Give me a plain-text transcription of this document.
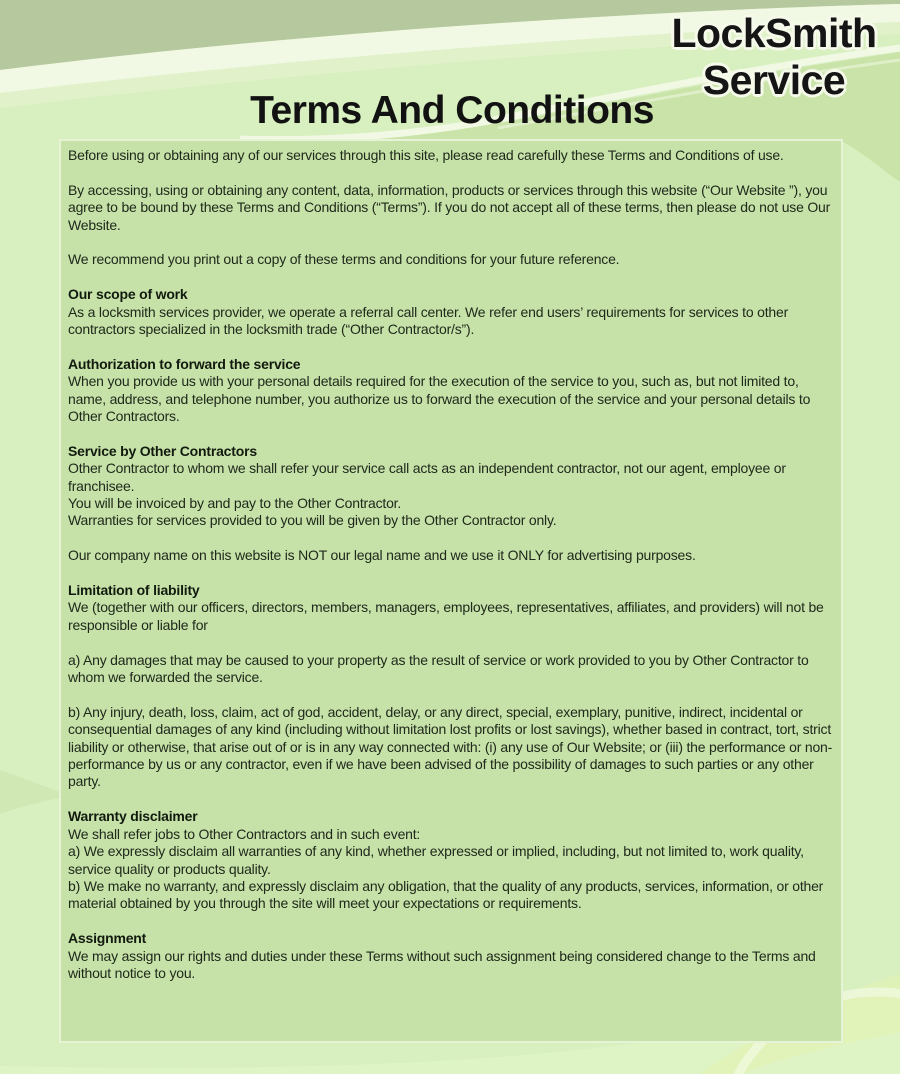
LockSmith
Service
Terms And Conditions

Before using or obtaining any of our services through this site, please read carefully these Terms and Conditions of use.

By accessing, using or obtaining any content, data, information, products or services through this website (“Our Website ”), you agree to be bound by these Terms and Conditions (“Terms”). If you do not accept all of these terms, then please do not use Our Website.

We recommend you print out a copy of these terms and conditions for your future reference.

Our scope of work

As a locksmith services provider, we operate a referral call center. We refer end users’ requirements for services to other contractors specialized in the locksmith trade (“Other Contractor/s”).

Authorization to forward the service

When you provide us with your personal details required for the execution of the service to you, such as, but not limited to, name, address, and telephone number, you authorize us to forward the execution of the service and your personal details to Other Contractors.

Service by Other Contractors

Other Contractor to whom we shall refer your service call acts as an independent contractor, not our agent, employee or franchisee.

You will be invoiced by and pay to the Other Contractor.

Warranties for services provided to you will be given by the Other Contractor only.

Our company name on this website is NOT our legal name and we use it ONLY for advertising purposes.

Limitation of liability

We (together with our officers, directors, members, managers, employees, representatives, affiliates, and providers) will not be responsible or liable for

a) Any damages that may be caused to your property as the result of service or work provided to you by Other Contractor to whom we forwarded the service.

b) Any injury, death, loss, claim, act of god, accident, delay, or any direct, special, exemplary, punitive, indirect, incidental or consequential damages of any kind (including without limitation lost profits or lost savings), whether based in contract, tort, strict liability or otherwise, that arise out of or is in any way connected with: (i) any use of Our Website; or (iii) the performance or non-performance by us or any contractor, even if we have been advised of the possibility of damages to such parties or any other party.

Warranty disclaimer

We shall refer jobs to Other Contractors and in such event:

a) We expressly disclaim all warranties of any kind, whether expressed or implied, including, but not limited to, work quality, service quality or products quality.

b) We make no warranty, and expressly disclaim any obligation, that the quality of any products, services, information, or other material obtained by you through the site will meet your expectations or requirements.

Assignment

We may assign our rights and duties under these Terms without such assignment being considered change to the Terms and without notice to you.
